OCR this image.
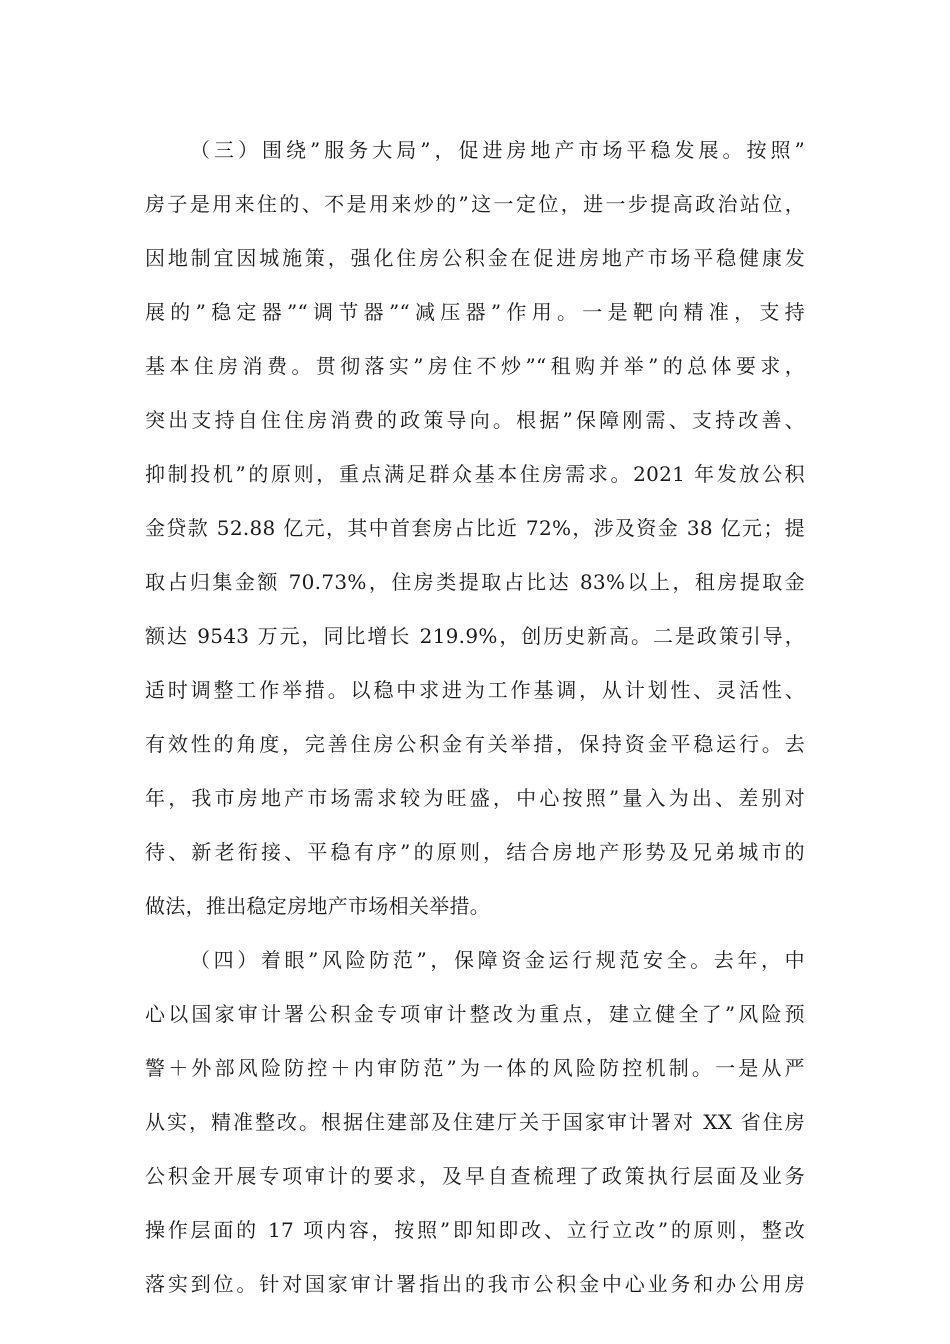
（三）围绕”服务大局”，促进房地产市场平稳发展。按照”
房子是用来住的、不是用来炒的”这一定位，进一步提高政治站位，
因地制宜因城施策，强化住房公积金在促进房地产市场平稳健康发
展的”稳定器”“调节器”“减压器”作用。一是靶向精准，支持
基本住房消费。贯彻落实”房住不炒”“租购并举”的总体要求，
突出支持自住住房消费的政策导向。根据”保障刚需、支持改善、
抑制投机”的原则，重点满足群众基本住房需求。2021 年发放公积
金贷款 52.88 亿元，其中首套房占比近 72%，涉及资金 38 亿元；提
取占归集金额 70.73%，住房类提取占比达 83%以上，租房提取金
额达 9543 万元，同比增长 219.9%，创历史新高。二是政策引导，
适时调整工作举措。以稳中求进为工作基调，从计划性、灵活性、
有效性的角度，完善住房公积金有关举措，保持资金平稳运行。去
年，我市房地产市场需求较为旺盛，中心按照”量入为出、差别对
待、新老衔接、平稳有序”的原则，结合房地产形势及兄弟城市的
做法，推出稳定房地产市场相关举措。
（四）着眼”风险防范”，保障资金运行规范安全。去年，中
心以国家审计署公积金专项审计整改为重点，建立健全了”风险预
警＋外部风险防控＋内审防范”为一体的风险防控机制。一是从严
从实，精准整改。根据住建部及住建厅关于国家审计署对 XX 省住房
公积金开展专项审计的要求，及早自查梳理了政策执行层面及业务
操作层面的 17 项内容，按照”即知即改、立行立改”的原则，整改
落实到位。针对国家审计署指出的我市公积金中心业务和办公用房
